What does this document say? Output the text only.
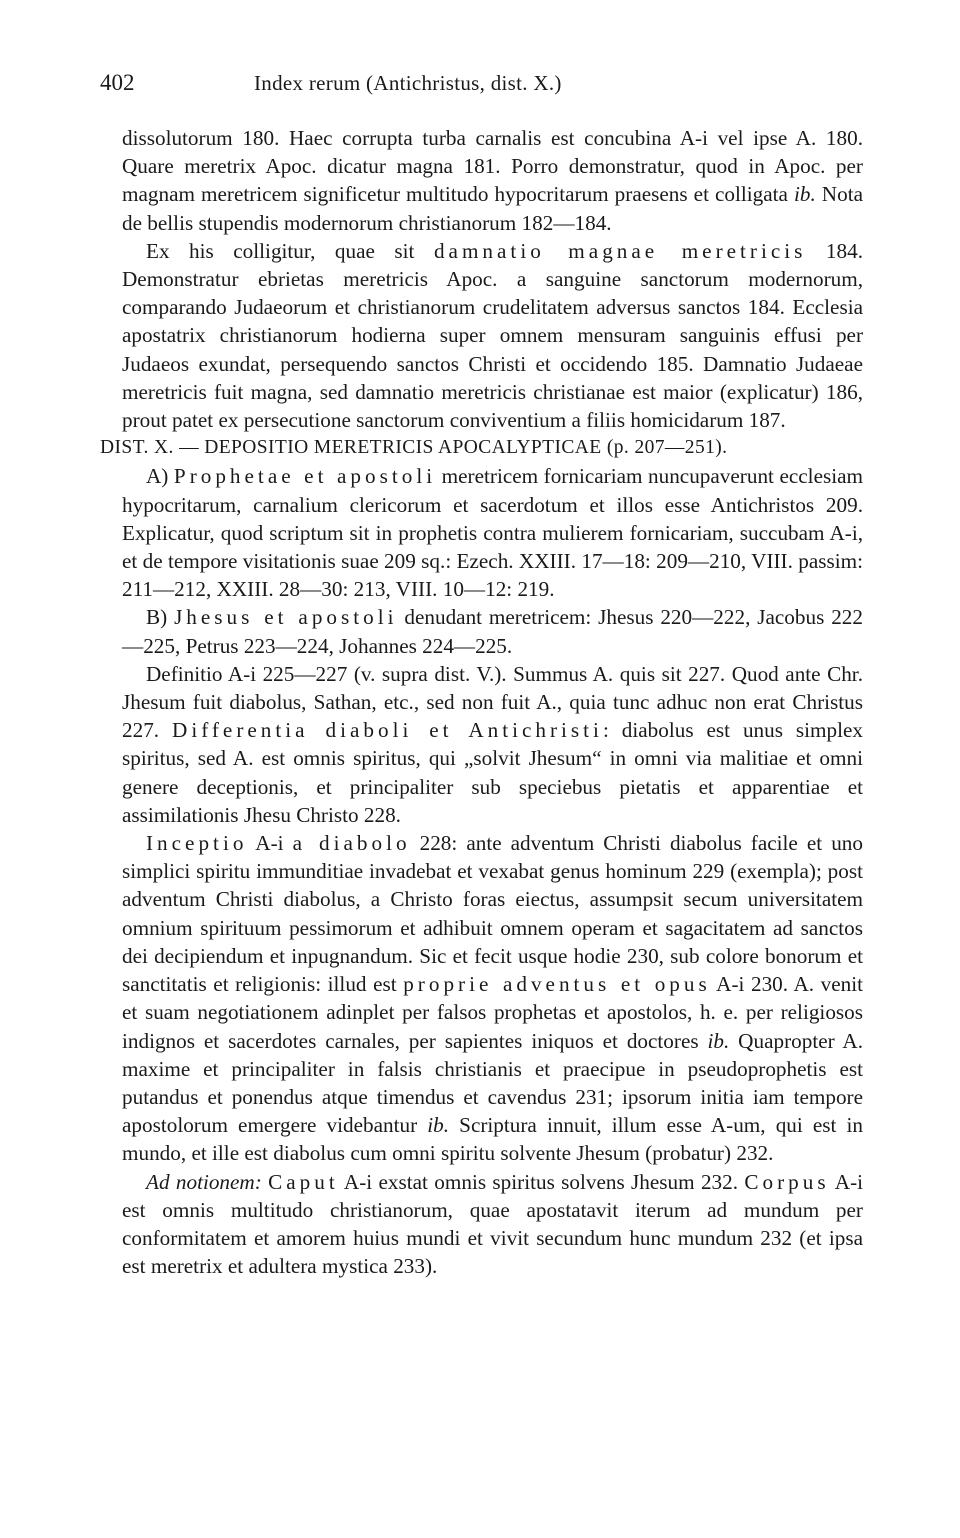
402	Index rerum (Antichristus, dist. X.)

dissolutorum 180. Haec corrupta turba carnalis est concubina A-i vel ipse A. 180. Quare meretrix Apoc. dicatur magna 181. Porro demonstratur, quod in Apoc. per magnam meretricem significetur multitudo hypocritarum praesens et colligata ib. Nota de bellis stupendis modernorum christianorum 182—184.

Ex his colligitur, quae sit damnatio magnae meretricis 184. Demonstratur ebrietas meretricis Apoc. a sanguine sanctorum modernorum, comparando Judaeorum et christianorum crudelitatem adversus sanctos 184. Ecclesia apostatrix christianorum hodierna super omnem mensuram sanguinis effusi per Judaeos exundat, persequendo sanctos Christi et occidendo 185. Damnatio Judaeae meretricis fuit magna, sed damnatio meretricis christianae est maior (explicatur) 186, prout patet ex persecutione sanctorum conviventium a filiis homicidarum 187.

DIST. X. — DEPOSITIO MERETRICIS APOCALYPTICAE (p. 207—251).

A) Prophetae et apostoli meretricem fornicariam nuncupaverunt ecclesiam hypocritarum, carnalium clericorum et sacerdotum et illos esse Antichristos 209. Explicatur, quod scriptum sit in prophetis contra mulierem fornicariam, succubam A-i, et de tempore visitationis suae 209 sq.: Ezech. XXIII. 17—18: 209—210, VIII. passim: 211—212, XXIII. 28—30: 213, VIII. 10—12: 219.

B) Jhesus et apostoli denudant meretricem: Jhesus 220—222, Jacobus 222—225, Petrus 223—224, Johannes 224—225.

Definitio A-i 225—227 (v. supra dist. V.). Summus A. quis sit 227. Quod ante Chr. Jhesum fuit diabolus, Sathan, etc., sed non fuit A., quia tunc adhuc non erat Christus 227. Differentia diaboli et Antichristi: diabolus est unus simplex spiritus, sed A. est omnis spiritus, qui „solvit Jhesum“ in omni via malitiae et omni genere deceptionis, et principaliter sub speciebus pietatis et apparentiae et assimilationis Jhesu Christo 228.

Inceptio A-i a diabolo 228: ante adventum Christi diabolus facile et uno simplici spiritu immunditiae invadebat et vexabat genus hominum 229 (exempla); post adventum Christi diabolus, a Christo foras eiectus, assumpsit secum universitatem omnium spirituum pessimorum et adhibuit omnem operam et sagacitatem ad sanctos dei decipiendum et inpugnandum. Sic et fecit usque hodie 230, sub colore bonorum et sanctitatis et religionis: illud est proprie adventus et opus A-i 230. A. venit et suam negotiationem adinplet per falsos prophetas et apostolos, h. e. per religiosos indignos et sacerdotes carnales, per sapientes iniquos et doctores ib. Quapropter A. maxime et principaliter in falsis christianis et praecipue in pseudoprophetis est putandus et ponendus atque timendus et cavendus 231; ipsorum initia iam tempore apostolorum emergere videbantur ib. Scriptura innuit, illum esse A-um, qui est in mundo, et ille est diabolus cum omni spiritu solvente Jhesum (probatur) 232.

Ad notionem: Caput A-i exstat omnis spiritus solvens Jhesum 232. Corpus A-i est omnis multitudo christianorum, quae apostatavit iterum ad mundum per conformitatem et amorem huius mundi et vivit secundum hunc mundum 232 (et ipsa est meretrix et adultera mystica 233).
